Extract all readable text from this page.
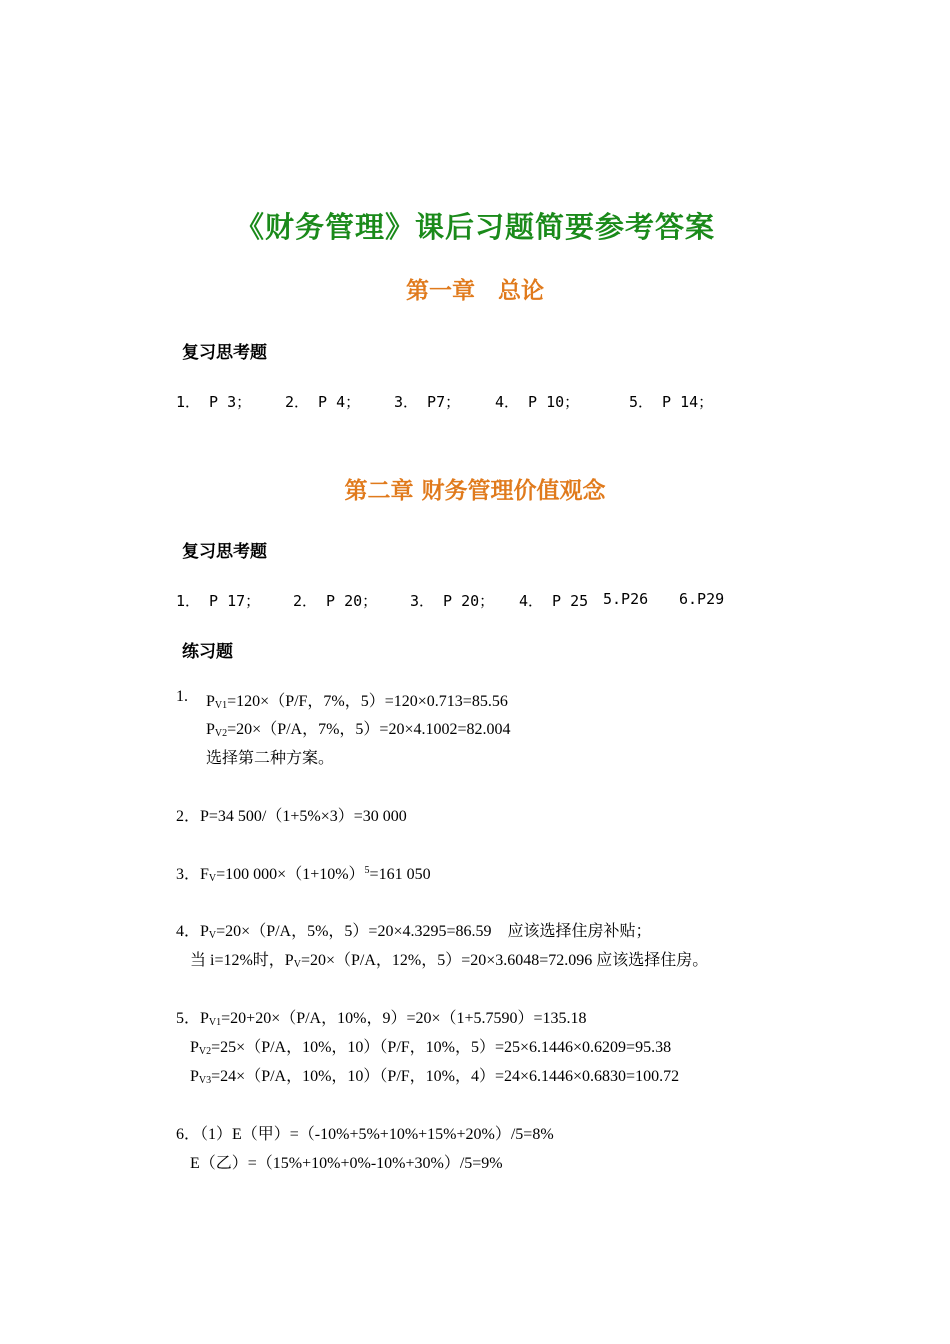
《财务管理》课后习题简要参考答案
第一章　总论
复习思考题
1． P 3； 2． P 4； 3． P7； 4． P 10；	5． P 14；
第二章 财务管理价值观念
复习思考题
1． P 17； 2． P 20； 3． P 20； 4． P 25 5.P26 6.P29
练习题
1. $P_{V1}=120\times(P/F$，7%，5）=120×0.713=85.56
$P_{V2}=20\times(P/A$，7%，5）=20×4.1002=82.004
选择第二种方案。
2．P=34 500/（1+5%×3）=30 000
3．$F_V=100$ $000\times(1+10\%)^5=161$ 050
4．$P_V=20\times(P/A$，5%，5）=20×4.3295=86.59　应该选择住房补贴；
当 i=12%时，$P_V=20\times(P/A$，12%，5）=20×3.6048=72.096 应该选择住房。
5．$P_{V1}=20+20\times(P/A$，10%，9）=20×（1+5.7590）=135.18
$P_{V2}=25\times(P/A$，10%，10）（P/F，10%，5）=25×6.1446×0.6209=95.38
$P_{V3}=24\times(P/A$，10%，10）（P/F，10%，4）=24×6.1446×0.6830=100.72
6．（1）E（甲）=（-10%+5%+10%+15%+20%）/5=8%
E（乙）=（15%+10%+0%-10%+30%）/5=9%
